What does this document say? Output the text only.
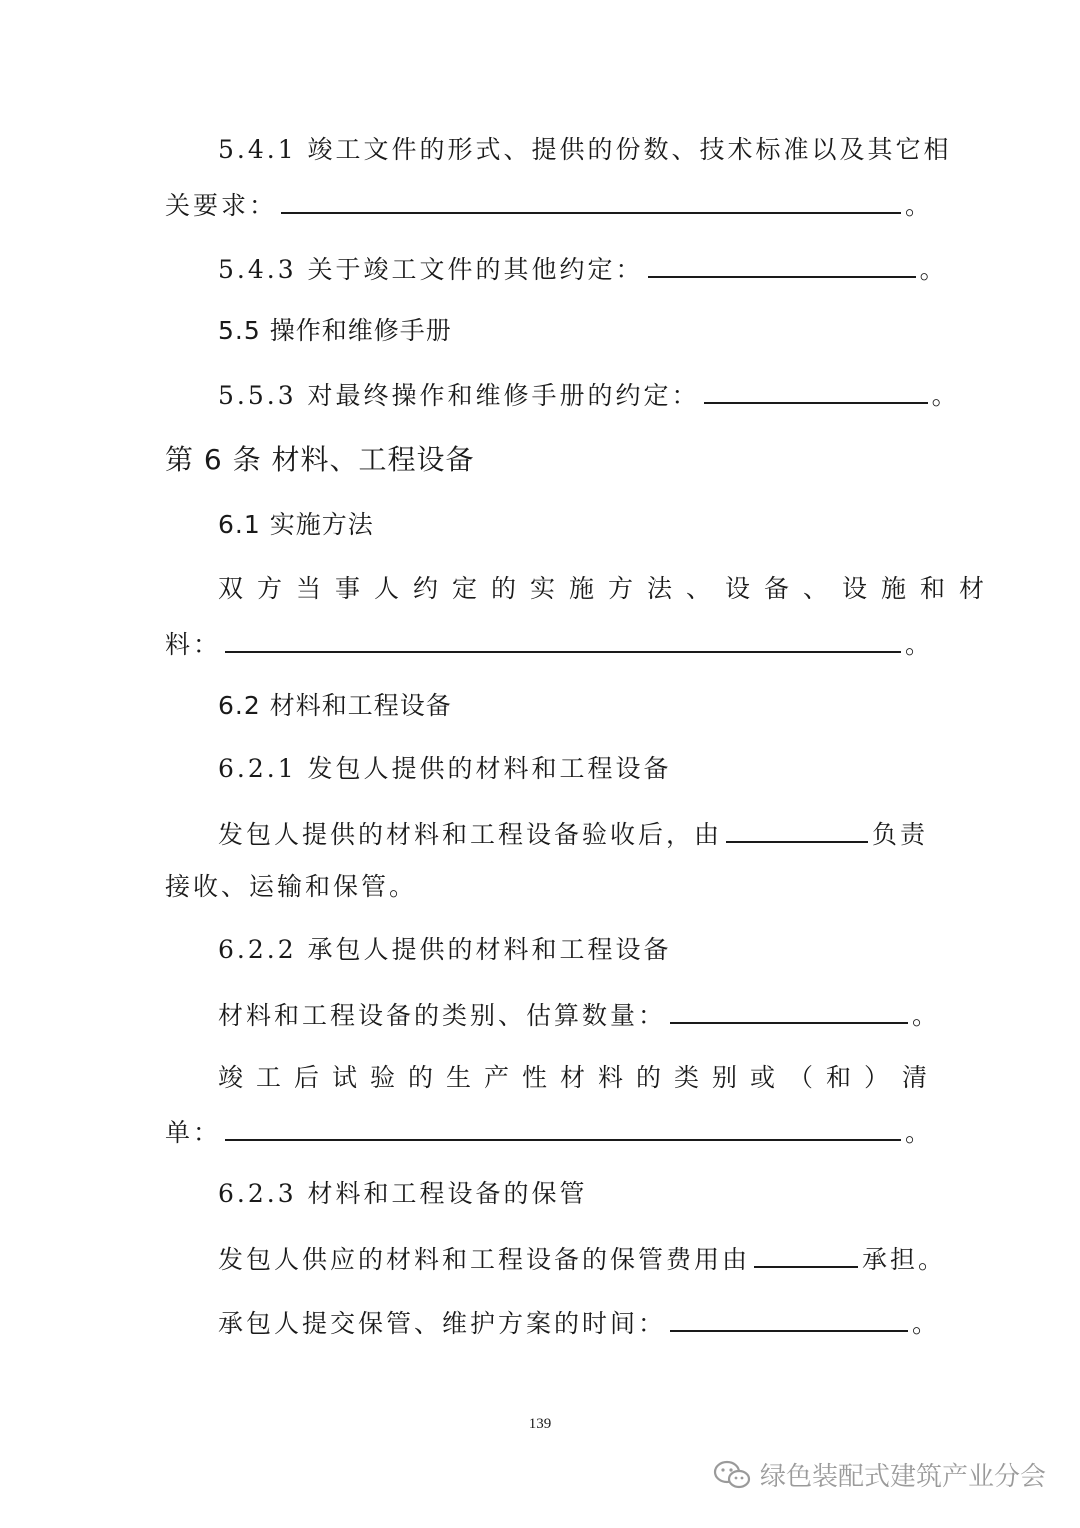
5.4.1 竣工文件的形式、提供的份数、技术标准以及其它相
关要求：	。
5.4.3 关于竣工文件的其他约定：	。
5.5 操作和维修手册
5.5.3 对最终操作和维修手册的约定：	。
第 6 条 材料、工程设备
6.1 实施方法
双方当事人约定的实施方法、设备、设施和材
料：	。
6.2 材料和工程设备
6.2.1 发包人提供的材料和工程设备
发包人提供的材料和工程设备验收后，由	负责
接收、运输和保管。
6.2.2 承包人提供的材料和工程设备
材料和工程设备的类别、估算数量：	。
竣工后试验的生产性材料的类别或（和）清
单：	。
6.2.3 材料和工程设备的保管
发包人供应的材料和工程设备的保管费用由	承担。
承包人提交保管、维护方案的时间：	。
139
绿色装配式建筑产业分会
